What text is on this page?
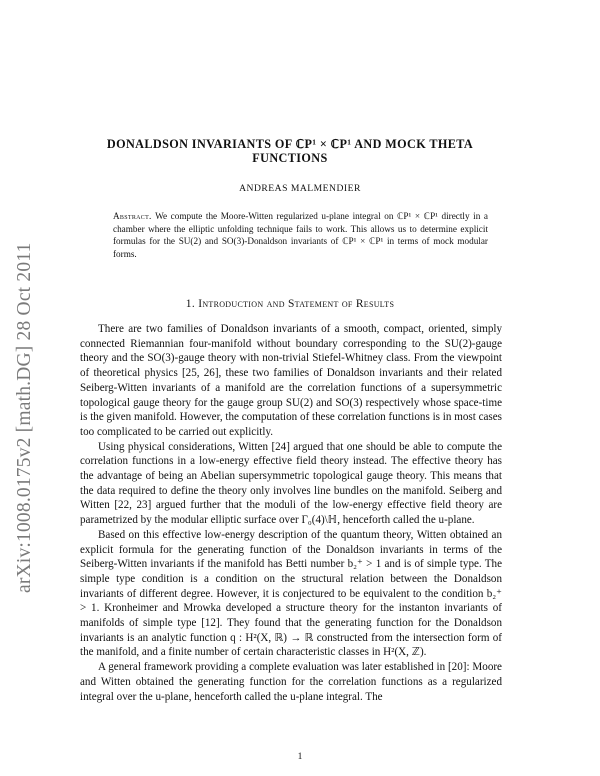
arXiv:1008.0175v2 [math.DG] 28 Oct 2011
DONALDSON INVARIANTS OF ℂP¹ × ℂP¹ AND MOCK THETA
FUNCTIONS
ANDREAS MALMENDIER
Abstract. We compute the Moore-Witten regularized u-plane integral on ℂP¹ × ℂP¹ directly in a chamber where the elliptic unfolding technique fails to work. This allows us to determine explicit formulas for the SU(2) and SO(3)-Donaldson invariants of ℂP¹ × ℂP¹ in terms of mock modular forms.
1. Introduction and Statement of Results

There are two families of Donaldson invariants of a smooth, compact, oriented, simply connected Riemannian four-manifold without boundary corresponding to the SU(2)-gauge theory and the SO(3)-gauge theory with non-trivial Stiefel-Whitney class. From the viewpoint of theoretical physics [25, 26], these two families of Donaldson invariants and their related Seiberg-Witten invariants of a manifold are the correlation functions of a supersymmetric topological gauge theory for the gauge group SU(2) and SO(3) respectively whose space-time is the given manifold. However, the computation of these correlation functions is in most cases too complicated to be carried out explicitly.

Using physical considerations, Witten [24] argued that one should be able to compute the correlation functions in a low-energy effective field theory instead. The effective theory has the advantage of being an Abelian supersymmetric topological gauge theory. This means that the data required to define the theory only involves line bundles on the manifold. Seiberg and Witten [22, 23] argued further that the moduli of the low-energy effective field theory are parametrized by the modular elliptic surface over Γ₀(4)\ℍ, henceforth called the u-plane.

Based on this effective low-energy description of the quantum theory, Witten obtained an explicit formula for the generating function of the Donaldson invariants in terms of the Seiberg-Witten invariants if the manifold has Betti number b₂⁺ > 1 and is of simple type. The simple type condition is a condition on the structural relation between the Donaldson invariants of different degree. However, it is conjectured to be equivalent to the condition b₂⁺ > 1. Kronheimer and Mrowka developed a structure theory for the instanton invariants of manifolds of simple type [12]. They found that the generating function for the Donaldson invariants is an analytic function q : H²(X, ℝ) → ℝ constructed from the intersection form of the manifold, and a finite number of certain characteristic classes in H²(X, ℤ).

A general framework providing a complete evaluation was later established in [20]: Moore and Witten obtained the generating function for the correlation functions as a regularized integral over the u-plane, henceforth called the u-plane integral. The

1
